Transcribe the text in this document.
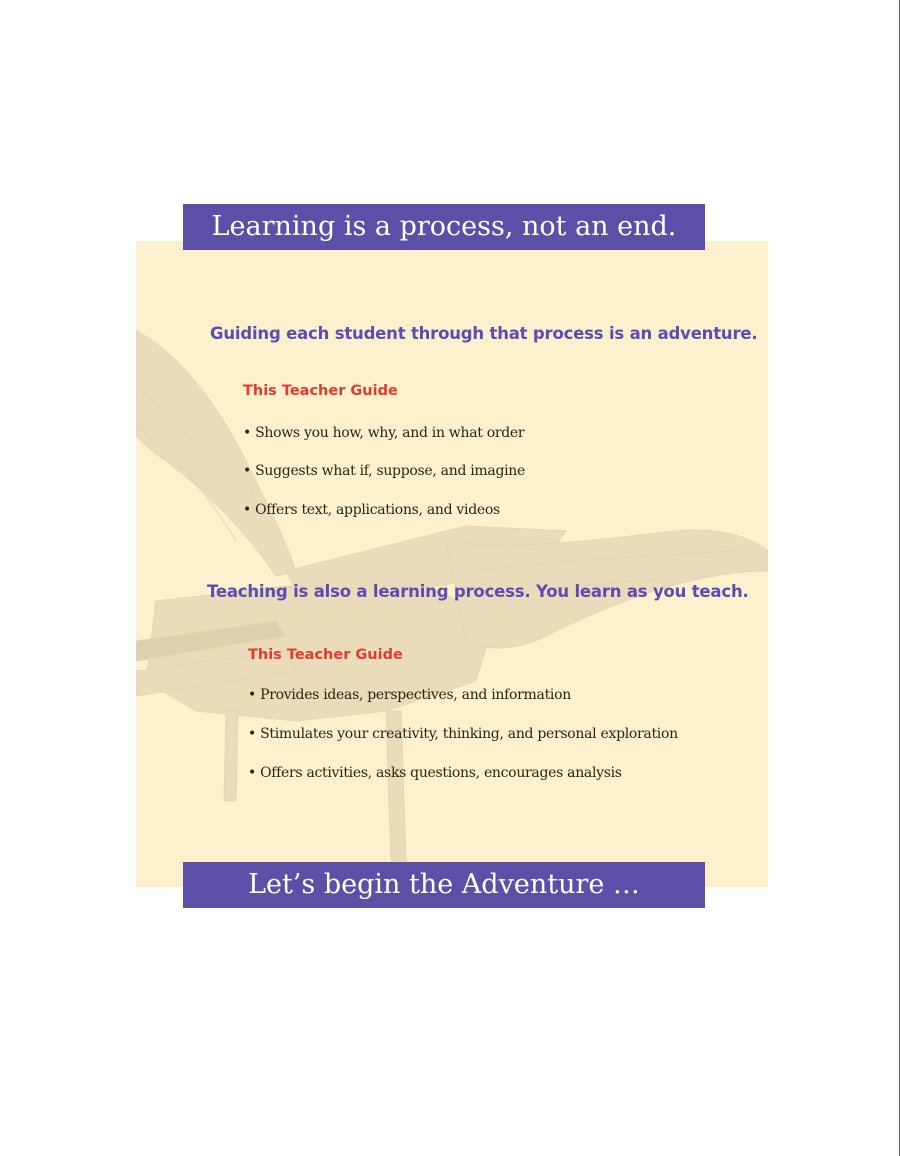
Learning is a process, not an end.
Guiding each student through that process is an adventure.
This Teacher Guide
• Shows you how, why, and in what order
• Suggests what if, suppose, and imagine
• Offers text, applications, and videos
Teaching is also a learning process. You learn as you teach.
This Teacher Guide
• Provides ideas, perspectives, and information
• Stimulates your creativity, thinking, and personal exploration
• Offers activities, asks questions, encourages analysis
Let’s begin the Adventure …
